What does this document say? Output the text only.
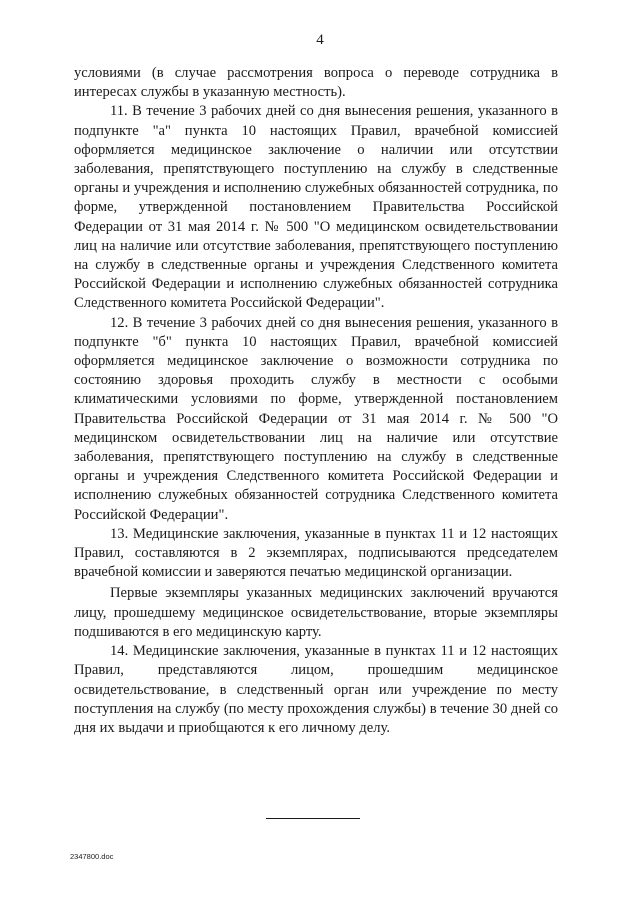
4

условиями (в случае рассмотрения вопроса о переводе сотрудника в интересах службы в указанную местность).

11. В течение 3 рабочих дней со дня вынесения решения, указанного в подпункте "а" пункта 10 настоящих Правил, врачебной комиссией оформляется медицинское заключение о наличии или отсутствии заболевания, препятствующего поступлению на службу в следственные органы и учреждения и исполнению служебных обязанностей сотрудника, по форме, утвержденной постановлением Правительства Российской Федерации от 31 мая 2014 г. № 500 "О медицинском освидетельствовании лиц на наличие или отсутствие заболевания, препятствующего поступлению на службу в следственные органы и учреждения Следственного комитета Российской Федерации и исполнению служебных обязанностей сотрудника Следственного комитета Российской Федерации".

12. В течение 3 рабочих дней со дня вынесения решения, указанного в подпункте "б" пункта 10 настоящих Правил, врачебной комиссией оформляется медицинское заключение о возможности сотрудника по состоянию здоровья проходить службу в местности с особыми климатическими условиями по форме, утвержденной постановлением Правительства Российской Федерации от 31 мая 2014 г. № 500 "О медицинском освидетельствовании лиц на наличие или отсутствие заболевания, препятствующего поступлению на службу в следственные органы и учреждения Следственного комитета Российской Федерации и исполнению служебных обязанностей сотрудника Следственного комитета Российской Федерации".

13. Медицинские заключения, указанные в пунктах 11 и 12 настоящих Правил, составляются в 2 экземплярах, подписываются председателем врачебной комиссии и заверяются печатью медицинской организации.

Первые экземпляры указанных медицинских заключений вручаются лицу, прошедшему медицинское освидетельствование, вторые экземпляры подшиваются в его медицинскую карту.

14. Медицинские заключения, указанные в пунктах 11 и 12 настоящих Правил, представляются лицом, прошедшим медицинское освидетельствование, в следственный орган или учреждение по месту поступления на службу (по месту прохождения службы) в течение 30 дней со дня их выдачи и приобщаются к его личному делу.

2347800.doc
